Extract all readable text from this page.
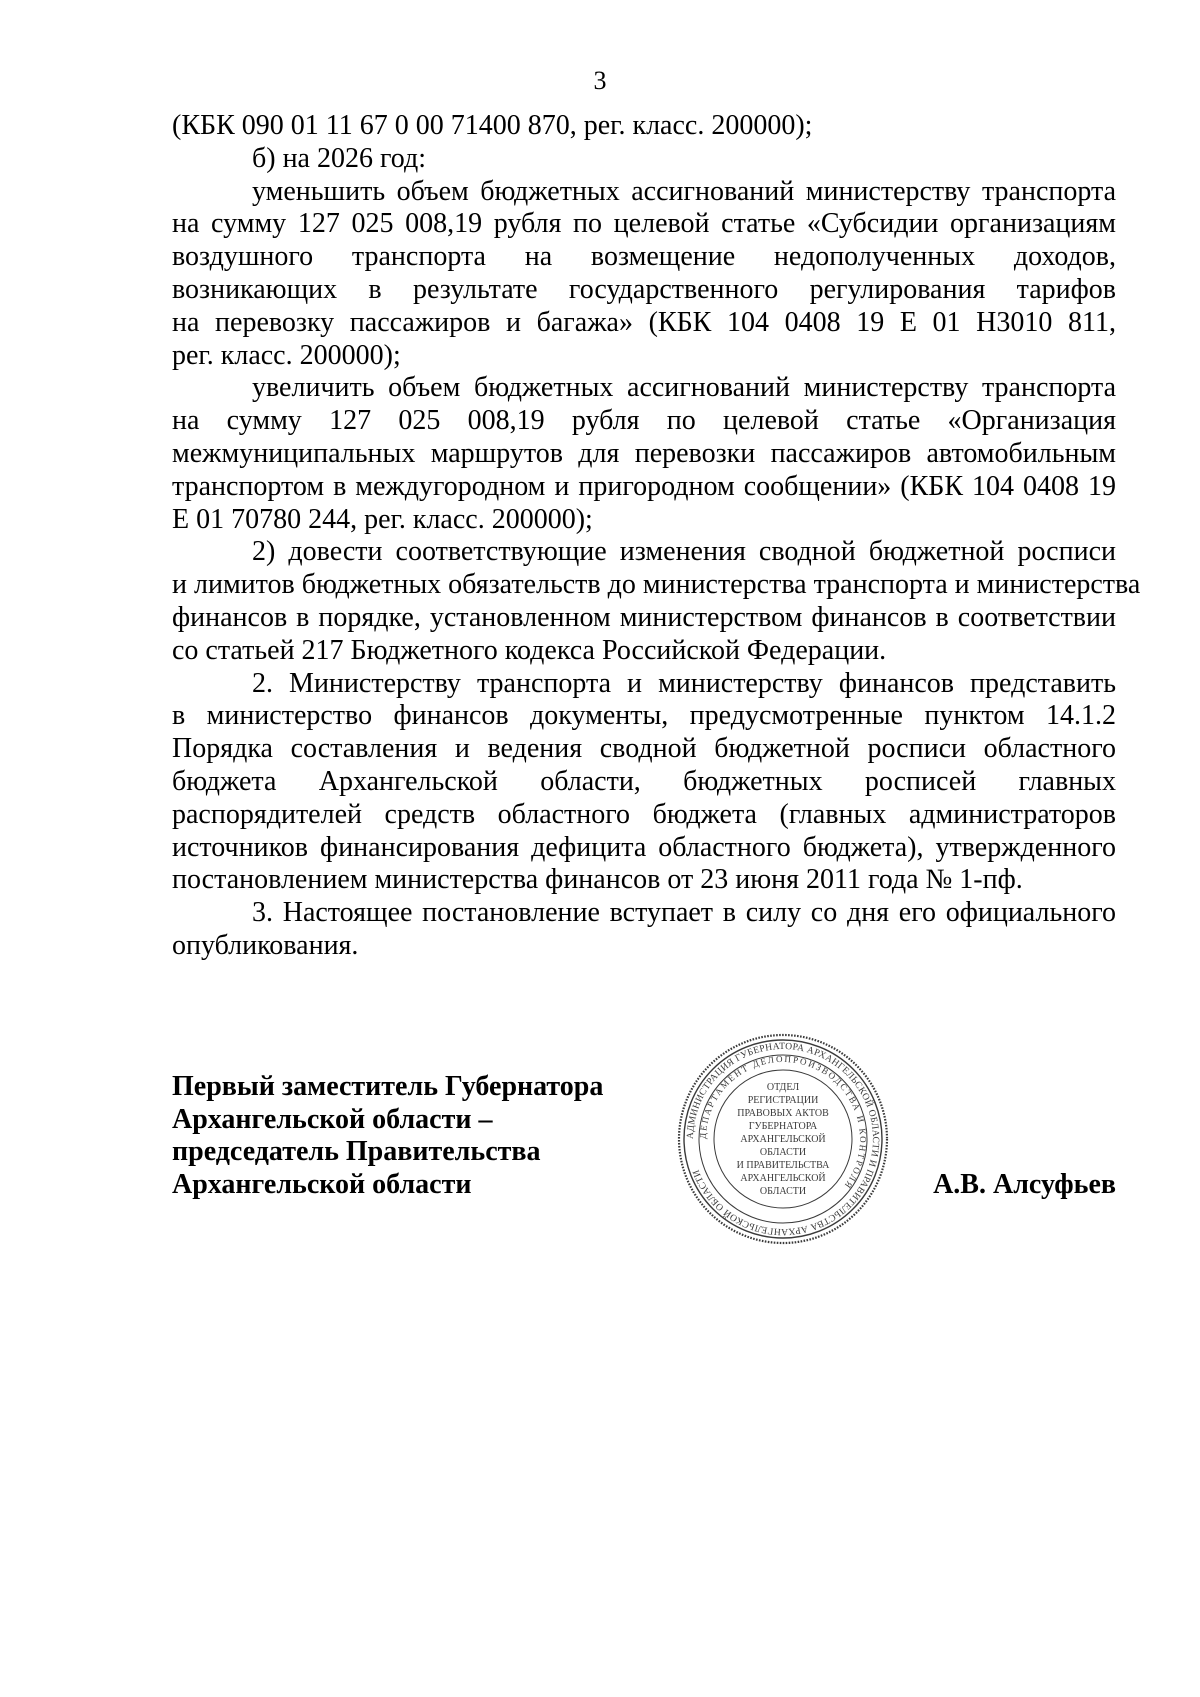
3
(КБК 090 01 11 67 0 00 71400 870, рег. класс. 200000);
б) на 2026 год:
уменьшить объем бюджетных ассигнований министерству транспорта
на сумму 127 025 008,19 рубля по целевой статье «Субсидии организациям
воздушного транспорта на возмещение недополученных доходов,
возникающих в результате государственного регулирования тарифов
на перевозку пассажиров и багажа» (КБК 104 0408 19 Е 01 Н3010 811,
рег. класс. 200000);
увеличить объем бюджетных ассигнований министерству транспорта
на сумму 127 025 008,19 рубля по целевой статье «Организация
межмуниципальных маршрутов для перевозки пассажиров автомобильным
транспортом в междугородном и пригородном сообщении» (КБК 104 0408 19
Е 01 70780 244, рег. класс. 200000);
2) довести соответствующие изменения сводной бюджетной росписи
и лимитов бюджетных обязательств до министерства транспорта и министерства
финансов в порядке, установленном министерством финансов в соответствии
со статьей 217 Бюджетного кодекса Российской Федерации.
2. Министерству транспорта и министерству финансов представить
в министерство финансов документы, предусмотренные пунктом 14.1.2
Порядка составления и ведения сводной бюджетной росписи областного
бюджета Архангельской области, бюджетных росписей главных
распорядителей средств областного бюджета (главных администраторов
источников финансирования дефицита областного бюджета), утвержденного
постановлением министерства финансов от 23 июня 2011 года № 1-пф.
3. Настоящее постановление вступает в силу со дня его официального
опубликования.
Первый заместитель Губернатора
Архангельской области –
председатель Правительства
Архангельской области
АДМИНИСТРАЦИЯ ГУБЕРНАТОРА АРХАНГЕЛЬСКОЙ ОБЛАСТИ И ПРАВИТЕЛЬСТВА АРХАНГЕЛЬСКОЙ ОБЛАСТИ
ДЕПАРТАМЕНТ ДЕЛОПРОИЗВОДСТВА И КОНТРОЛЯ
ОТДЕЛ
РЕГИСТРАЦИИ
ПРАВОВЫХ АКТОВ
ГУБЕРНАТОРА
АРХАНГЕЛЬСКОЙ
ОБЛАСТИ
И ПРАВИТЕЛЬСТВА
АРХАНГЕЛЬСКОЙ
ОБЛАСТИ	А.В. Алсуфьев
